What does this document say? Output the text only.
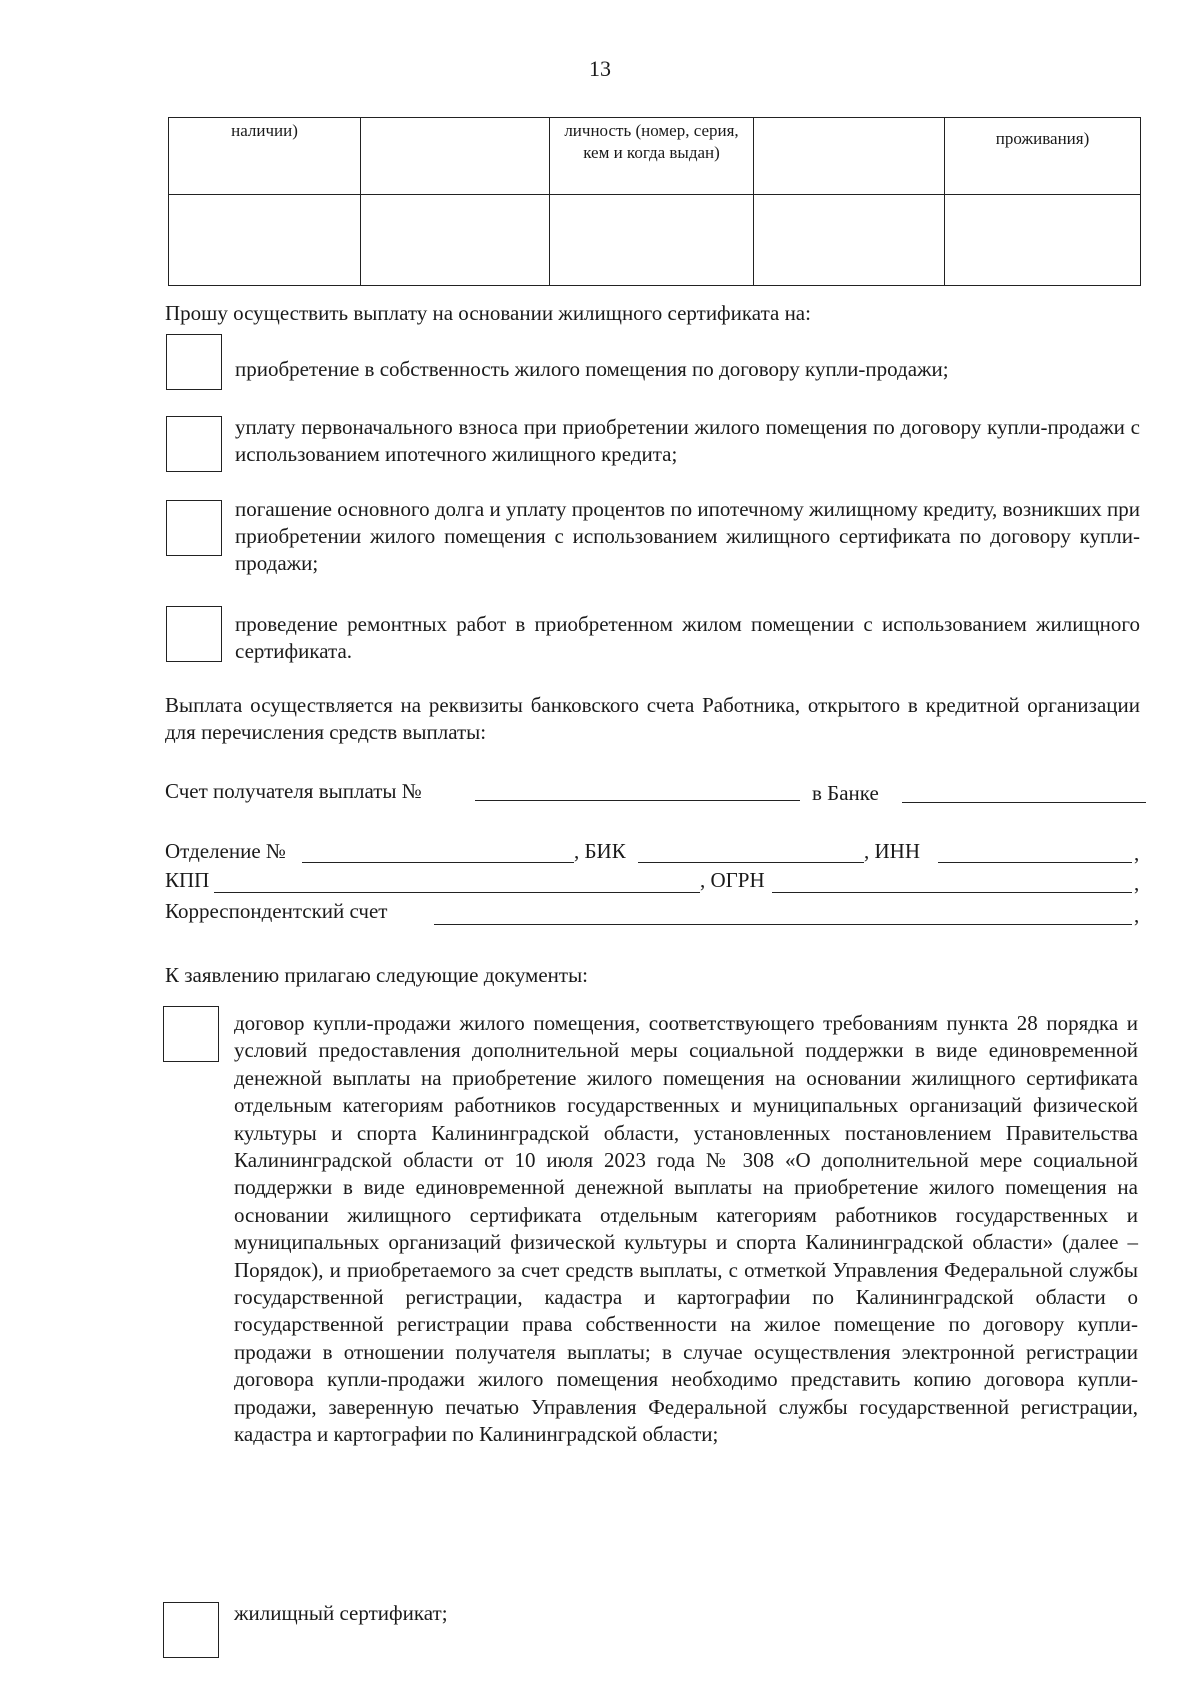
13
наличии)		личность (номер, серия, кем и когда выдан)		проживания)

Прошу осуществить выплату на основании жилищного сертификата на:
приобретение в собственность жилого помещения по договору купли-продажи;
уплату первоначального взноса при приобретении жилого помещения по договору купли-продажи с использованием ипотечного жилищного кредита;
погашение основного долга и уплату процентов по ипотечному жилищному кредиту, возникших при приобретении жилого помещения с использованием жилищного сертификата по договору купли-продажи;
проведение ремонтных работ в приобретенном жилом помещении с использованием жилищного сертификата.
Выплата осуществляется на реквизиты банковского счета Работника, открытого в кредитной организации для перечисления средств выплаты:
Счет получателя выплаты №	в Банке
Отделение №	, БИК	, ИНН	,
КПП	, ОГРН	,
Корреспондентский счет	,
К заявлению прилагаю следующие документы:
договор купли-продажи жилого помещения, соответствующего требованиям пункта 28 порядка и условий предоставления дополнительной меры социальной поддержки в виде единовременной денежной выплаты на приобретение жилого помещения на основании жилищного сертификата отдельным категориям работников государственных и муниципальных организаций физической культуры и спорта Калининградской области, установленных постановлением Правительства Калининградской области от 10 июля 2023 года № 308 «О дополнительной мере социальной поддержки в виде единовременной денежной выплаты на приобретение жилого помещения на основании жилищного сертификата отдельным категориям работников государственных и муниципальных организаций физической культуры и спорта Калининградской области» (далее – Порядок), и приобретаемого за счет средств выплаты, с отметкой Управления Федеральной службы государственной регистрации, кадастра и картографии по Калининградской области о государственной регистрации права собственности на жилое помещение по договору купли-продажи в отношении получателя выплаты; в случае осуществления электронной регистрации договора купли-продажи жилого помещения необходимо представить копию договора купли-продажи, заверенную печатью Управления Федеральной службы государственной регистрации, кадастра и картографии по Калининградской области;
жилищный сертификат;
